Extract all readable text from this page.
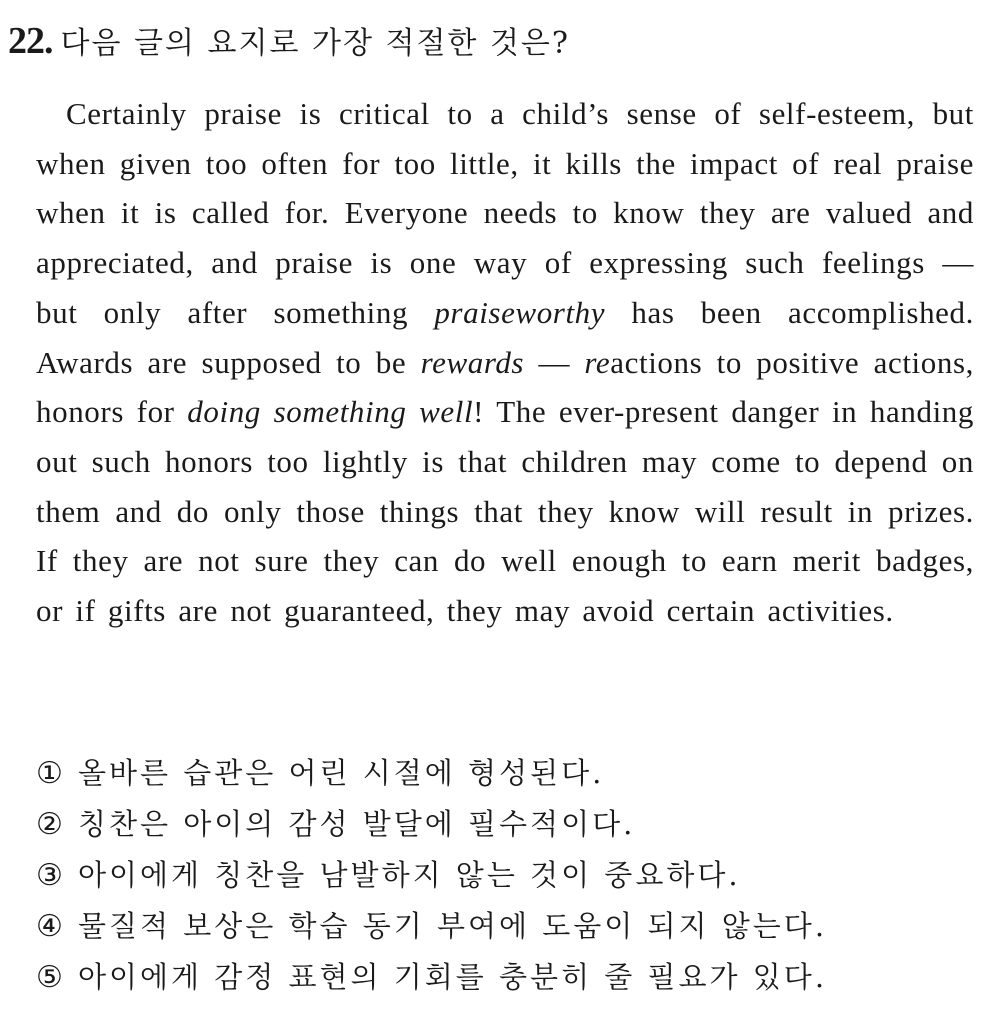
22. 다음 글의 요지로 가장 적절한 것은?

Certainly praise is critical to a child’s sense of self-esteem, but when given too often for too little, it kills the impact of real praise when it is called for. Everyone needs to know they are valued and appreciated, and praise is one way of expressing such feelings — but only after something praiseworthy has been accomplished. Awards are supposed to be rewards — reactions to positive actions, honors for doing something well! The ever-present danger in handing out such honors too lightly is that children may come to depend on them and do only those things that they know will result in prizes. If they are not sure they can do well enough to earn merit badges, or if gifts are not guaranteed, they may avoid certain activities.

① 올바른 습관은 어린 시절에 형성된다.
② 칭찬은 아이의 감성 발달에 필수적이다.
③ 아이에게 칭찬을 남발하지 않는 것이 중요하다.
④ 물질적 보상은 학습 동기 부여에 도움이 되지 않는다.
⑤ 아이에게 감정 표현의 기회를 충분히 줄 필요가 있다.
